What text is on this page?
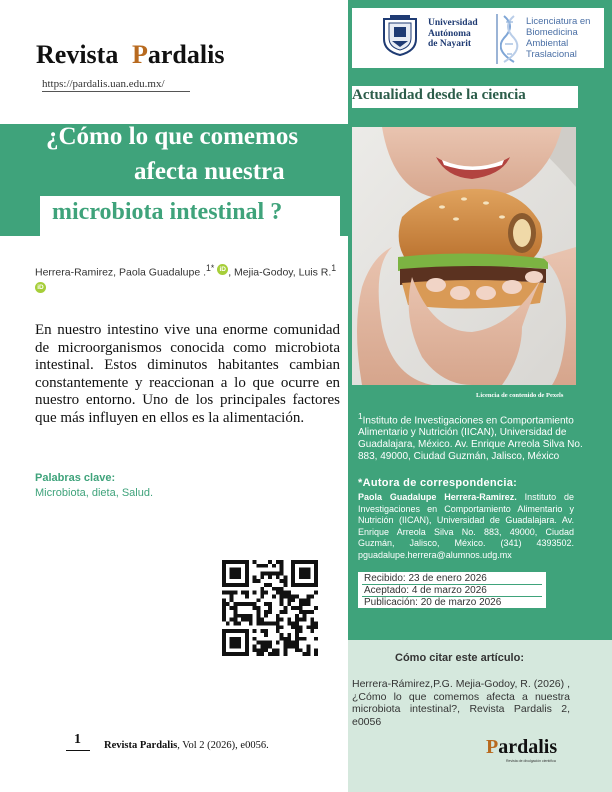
Universidad
Autónoma
de Nayarit
Licenciatura en
Biomedicina
Ambiental
Traslacional
Actualidad desde la ciencia
Revista Pardalis
https://pardalis.uan.edu.mx/
¿Cómo lo que comemos
afecta nuestra
microbiota intestinal ?
Herrera-Ramirez, Paola Guadalupe .$^{1*}$ iD , Mejia-Godoy, Luis R.$^1$iD
En nuestro intestino vive una enorme comunidad de microorganismos conocida como microbiota intestinal. Estos diminutos habitantes cambian constantemente y reaccionan a lo que ocurre en nuestro entorno. Uno de los principales factores que más influyen en ellos es la alimentación.
Palabras clave:
Microbiota, dieta, Salud.
1 Revista Pardalis, Vol 2 (2026), e0056.
Licencia de contenido de Pexels
$^1$Instituto de Investigaciones en Comportamiento Alimentario y Nutrición (IICAN), Universidad de Guadalajara, México. Av. Enrique Arreola Silva No. 883, 49000, Ciudad Guzmán, Jalisco, México
*Autora de correspondencia:
Paola Guadalupe Herrera-Ramirez. Instituto de Investigaciones en Comportamiento Alimentario y Nutrición (IICAN), Universidad de Guadalajara. Av. Enrique Arreola Silva No. 883, 49000, Ciudad Guzmán, Jalisco, México. (341) 4393502. pguadalupe.herrera@alumnos.udg.mx
Recibido: 23 de enero 2026
Aceptado: 4 de marzo 2026
Publicación: 20 de marzo 2026
Cómo citar este artículo:
Herrera-Rámirez,P.G. Mejia-Godoy, R. (2026) , ¿Cómo lo que comemos afecta a nuestra microbiota intestinal?, Revista Pardalis 2, e0056
Pardalis
Revista de divulgación científica
